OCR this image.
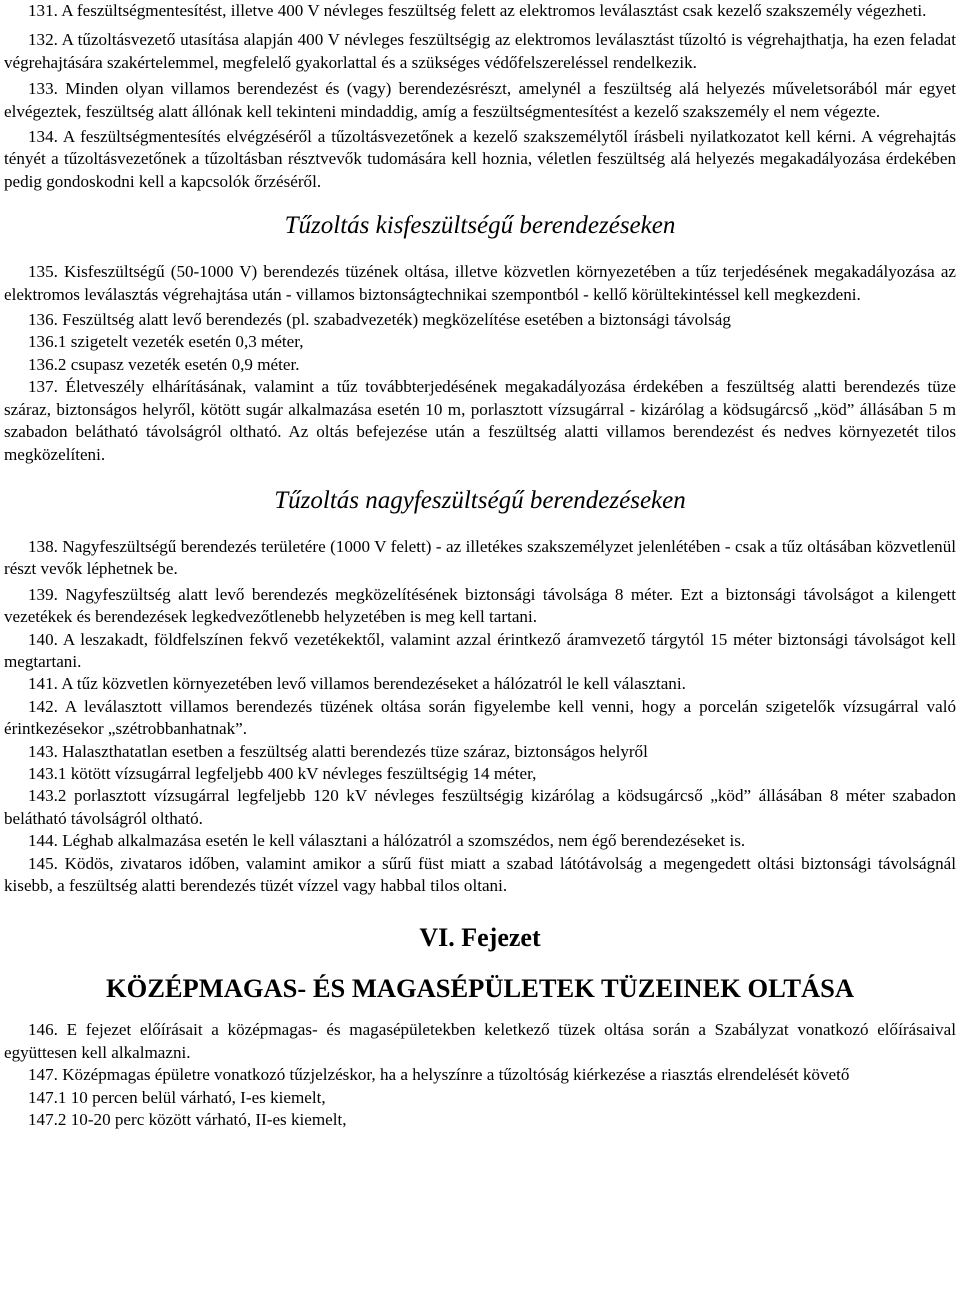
131. A feszültségmentesítést, illetve 400 V névleges feszültség felett az elektromos leválasztást csak kezelő szakszemély végezheti.

132. A tűzoltásvezető utasítása alapján 400 V névleges feszültségig az elektromos leválasztást tűzoltó is végrehajthatja, ha ezen feladat végrehajtására szakértelemmel, megfelelő gyakorlattal és a szükséges védőfelszereléssel rendelkezik.

133. Minden olyan villamos berendezést és (vagy) berendezésrészt, amelynél a feszültség alá helyezés műveletsorából már egyet elvégeztek, feszültség alatt állónak kell tekinteni mindaddig, amíg a feszültségmentesítést a kezelő szakszemély el nem végezte.

134. A feszültségmentesítés elvégzéséről a tűzoltásvezetőnek a kezelő szakszemélytől írásbeli nyilatkozatot kell kérni. A végrehajtás tényét a tűzoltásvezetőnek a tűzoltásban résztvevők tudomására kell hoznia, véletlen feszültség alá helyezés megakadályozása érdekében pedig gondoskodni kell a kapcsolók őrzéséről.

Tűzoltás kisfeszültségű berendezéseken

135. Kisfeszültségű (50-1000 V) berendezés tüzének oltása, illetve közvetlen környezetében a tűz terjedésének megakadályozása az elektromos leválasztás végrehajtása után - villamos biztonságtechnikai szempontból - kellő körültekintéssel kell megkezdeni.

136. Feszültség alatt levő berendezés (pl. szabadvezeték) megközelítése esetében a biztonsági távolság

136.1 szigetelt vezeték esetén 0,3 méter,

136.2 csupasz vezeték esetén 0,9 méter.

137. Életveszély elhárításának, valamint a tűz továbbterjedésének megakadályozása érdekében a feszültség alatti berendezés tüze száraz, biztonságos helyről, kötött sugár alkalmazása esetén 10 m, porlasztott vízsugárral - kizárólag a ködsugárcső „köd” állásában 5 m szabadon belátható távolságról oltható. Az oltás befejezése után a feszültség alatti villamos berendezést és nedves környezetét tilos megközelíteni.

Tűzoltás nagyfeszültségű berendezéseken

138. Nagyfeszültségű berendezés területére (1000 V felett) - az illetékes szakszemélyzet jelenlétében - csak a tűz oltásában közvetlenül részt vevők léphetnek be.

139. Nagyfeszültség alatt levő berendezés megközelítésének biztonsági távolsága 8 méter. Ezt a biztonsági távolságot a kilengett vezetékek és berendezések legkedvezőtlenebb helyzetében is meg kell tartani.

140. A leszakadt, földfelszínen fekvő vezetékektől, valamint azzal érintkező áramvezető tárgytól 15 méter biztonsági távolságot kell megtartani.

141. A tűz közvetlen környezetében levő villamos berendezéseket a hálózatról le kell választani.

142. A leválasztott villamos berendezés tüzének oltása során figyelembe kell venni, hogy a porcelán szigetelők vízsugárral való érintkezésekor „szétrobbanhatnak”.

143. Halaszthatatlan esetben a feszültség alatti berendezés tüze száraz, biztonságos helyről

143.1 kötött vízsugárral legfeljebb 400 kV névleges feszültségig 14 méter,

143.2 porlasztott vízsugárral legfeljebb 120 kV névleges feszültségig kizárólag a ködsugárcső „köd” állásában 8 méter szabadon belátható távolságról oltható.

144. Léghab alkalmazása esetén le kell választani a hálózatról a szomszédos, nem égő berendezéseket is.

145. Ködös, zivataros időben, valamint amikor a sűrű füst miatt a szabad látótávolság a megengedett oltási biztonsági távolságnál kisebb, a feszültség alatti berendezés tüzét vízzel vagy habbal tilos oltani.

VI. Fejezet
KÖZÉPMAGAS- ÉS MAGASÉPÜLETEK TÜZEINEK OLTÁSA

146. E fejezet előírásait a középmagas- és magasépületekben keletkező tüzek oltása során a Szabályzat vonatkozó előírásaival együttesen kell alkalmazni.

147. Középmagas épületre vonatkozó tűzjelzéskor, ha a helyszínre a tűzoltóság kiérkezése a riasztás elrendelését követő

147.1 10 percen belül várható, I-es kiemelt,

147.2 10-20 perc között várható, II-es kiemelt,
